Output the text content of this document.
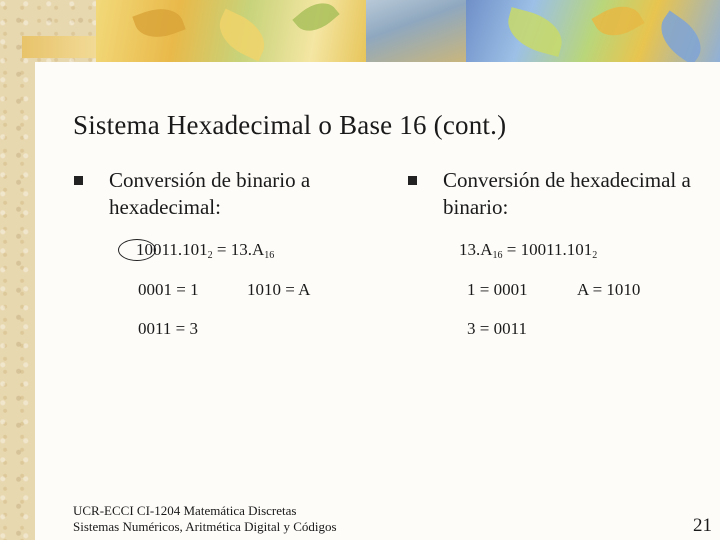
Sistema Hexadecimal o Base 16 (cont.)
Conversión de binario a hexadecimal:
$10011.101_2 = 13.A_{16}$
0001 = 1	1010 = A
0011 = 3
Conversión de hexadecimal a binario:
$13.A_{16} = 10011.101_2$
1 = 0001	A = 1010
3 = 0011
UCR-ECCI CI-1204 Matemática Discretas
Sistemas Numéricos, Aritmética Digital y Códigos	21
